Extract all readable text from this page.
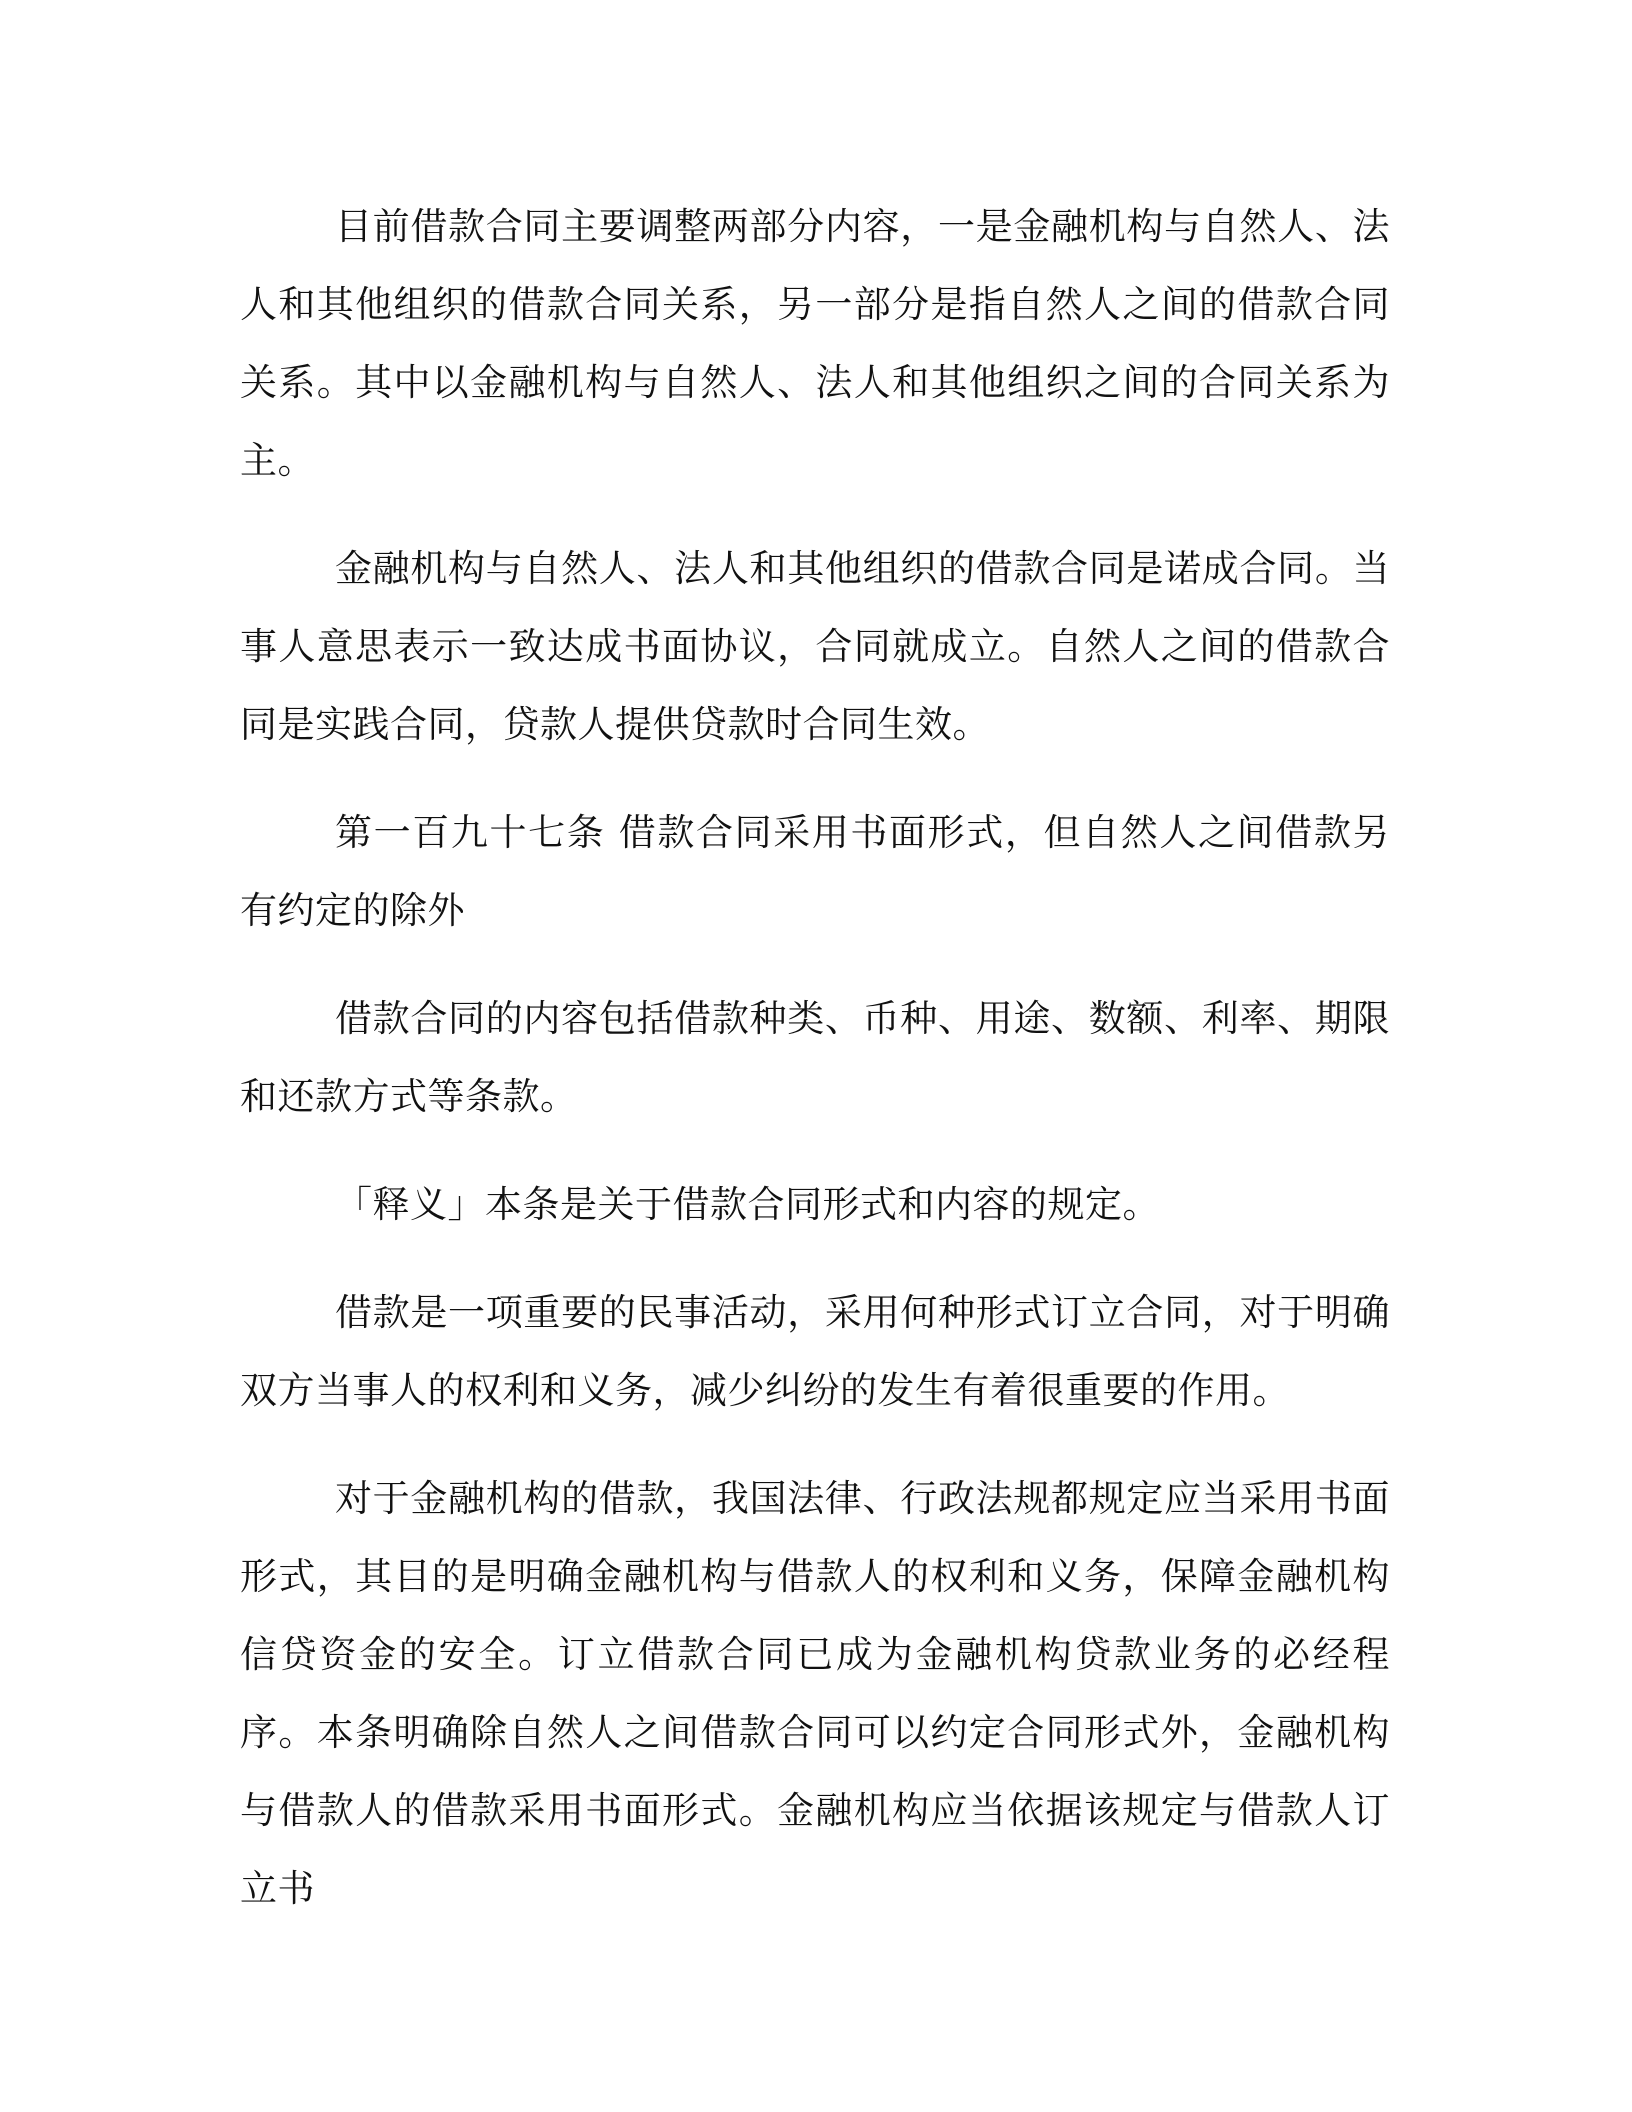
目前借款合同主要调整两部分内容，一是金融机构与自然人、法人和其他组织的借款合同关系，另一部分是指自然人之间的借款合同关系。其中以金融机构与自然人、法人和其他组织之间的合同关系为主。

金融机构与自然人、法人和其他组织的借款合同是诺成合同。当事人意思表示一致达成书面协议，合同就成立。自然人之间的借款合同是实践合同，贷款人提供贷款时合同生效。

第一百九十七条 借款合同采用书面形式，但自然人之间借款另有约定的除外

借款合同的内容包括借款种类、币种、用途、数额、利率、期限和还款方式等条款。

「释义」本条是关于借款合同形式和内容的规定。

借款是一项重要的民事活动，采用何种形式订立合同，对于明确双方当事人的权利和义务，减少纠纷的发生有着很重要的作用。

对于金融机构的借款，我国法律、行政法规都规定应当采用书面形式，其目的是明确金融机构与借款人的权利和义务，保障金融机构信贷资金的安全。订立借款合同已成为金融机构贷款业务的必经程序。本条明确除自然人之间借款合同可以约定合同形式外，金融机构与借款人的借款采用书面形式。金融机构应当依据该规定与借款人订立书
